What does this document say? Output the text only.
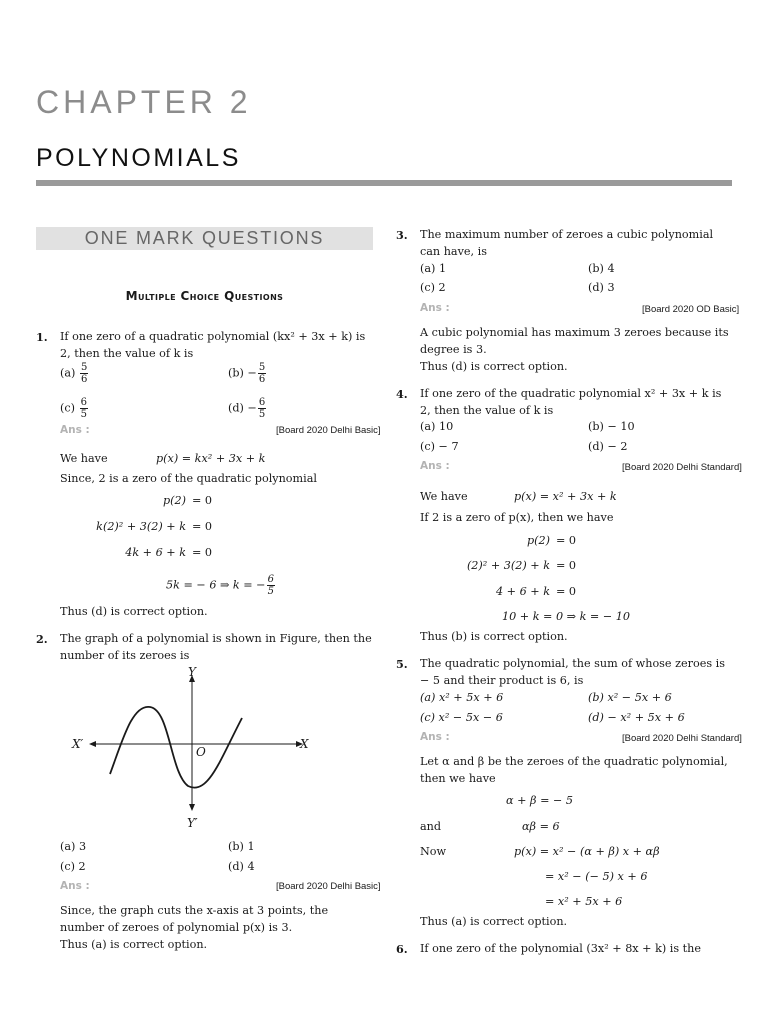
CHAPTER 2
POLYNOMIALS
ONE MARK QUESTIONS
Multiple Choice Questions
1. If one zero of a quadratic polynomial (kx² + 3x + k) is 2, then the value of k is
$(a) \frac{5}{6}$	$(b) - \frac{5}{6}$
$(c) \frac{6}{5}$	$(d) - \frac{6}{5}$
Ans :	[Board 2020 Delhi Basic]
We have	p(x) = kx² + 3x + k
Since, 2 is a zero of the quadratic polynomial
p(2) = 0
k(2)² + 3(2) + k = 0
4k + 6 + k = 0
5k = − 6 ⇒ k = − $\frac{6}{5}$
Thus (d) is correct option.
2. The graph of a polynomial is shown in Figure, then the number of its zeroes is
Y
Y′
X
X′
O
(a) 3	(b) 1
(c) 2	(d) 4
Ans :	[Board 2020 Delhi Basic]
Since, the graph cuts the x-axis at 3 points, the number of zeroes of polynomial p(x) is 3.
Thus (a) is correct option.
3. The maximum number of zeroes a cubic polynomial can have, is
(a) 1	(b) 4
(c) 2	(d) 3
Ans :	[Board 2020 OD Basic]
A cubic polynomial has maximum 3 zeroes because its degree is 3.
Thus (d) is correct option.
4. If one zero of the quadratic polynomial x² + 3x + k is 2, then the value of k is
(a) 10	(b) − 10
(c) − 7	(d) − 2
Ans :	[Board 2020 Delhi Standard]
We have	p(x) = x² + 3x + k
If 2 is a zero of p(x), then we have
p(2) = 0
(2)² + 3(2) + k = 0
4 + 6 + k = 0
10 + k = 0 ⇒ k = − 10
Thus (b) is correct option.
5. The quadratic polynomial, the sum of whose zeroes is − 5 and their product is 6, is
(a) x² + 5x + 6	(b) x² − 5x + 6
(c) x² − 5x − 6	(d) − x² + 5x + 6
Ans :	[Board 2020 Delhi Standard]
Let α and β be the zeroes of the quadratic polynomial, then we have
α + β = − 5
and	αβ = 6
Now	p(x) = x² − (α + β) x + αβ
= x² − (− 5) x + 6
= x² + 5x + 6
Thus (a) is correct option.
6. If one zero of the polynomial (3x² + 8x + k) is the
